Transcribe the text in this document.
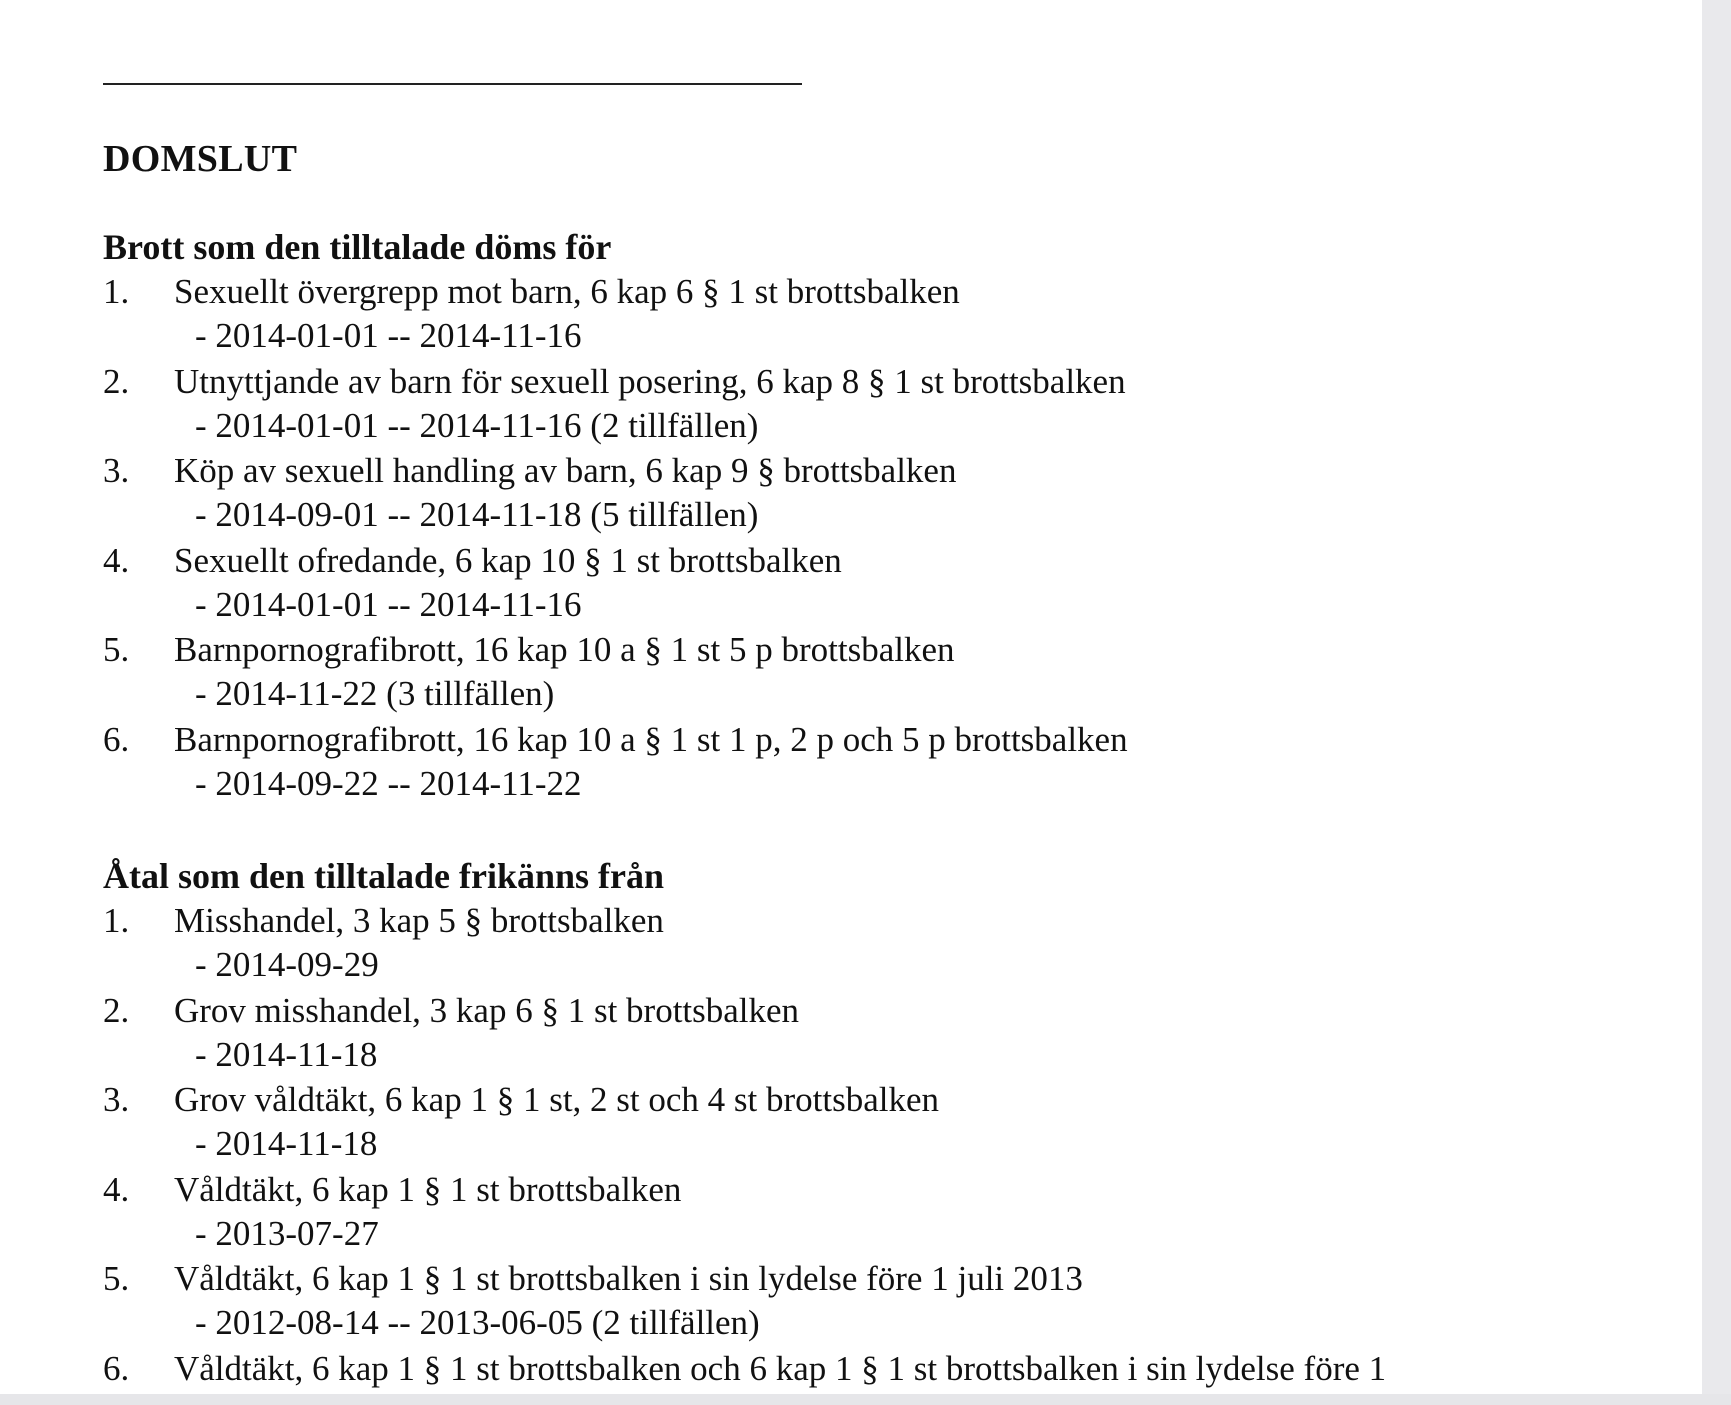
DOMSLUT
Brott som den tilltalade döms för
1. Sexuellt övergrepp mot barn, 6 kap 6 § 1 st brottsbalken
- 2014-01-01 -- 2014-11-16
2. Utnyttjande av barn för sexuell posering, 6 kap 8 § 1 st brottsbalken
- 2014-01-01 -- 2014-11-16 (2 tillfällen)
3. Köp av sexuell handling av barn, 6 kap 9 § brottsbalken
- 2014-09-01 -- 2014-11-18 (5 tillfällen)
4. Sexuellt ofredande, 6 kap 10 § 1 st brottsbalken
- 2014-01-01 -- 2014-11-16
5. Barnpornografibrott, 16 kap 10 a § 1 st 5 p brottsbalken
- 2014-11-22 (3 tillfällen)
6. Barnpornografibrott, 16 kap 10 a § 1 st 1 p, 2 p och 5 p brottsbalken
- 2014-09-22 -- 2014-11-22
Åtal som den tilltalade frikänns från
1. Misshandel, 3 kap 5 § brottsbalken
- 2014-09-29
2. Grov misshandel, 3 kap 6 § 1 st brottsbalken
- 2014-11-18
3. Grov våldtäkt, 6 kap 1 § 1 st, 2 st och 4 st brottsbalken
- 2014-11-18
4. Våldtäkt, 6 kap 1 § 1 st brottsbalken
- 2013-07-27
5. Våldtäkt, 6 kap 1 § 1 st brottsbalken i sin lydelse före 1 juli 2013
- 2012-08-14 -- 2013-06-05 (2 tillfällen)
6. Våldtäkt, 6 kap 1 § 1 st brottsbalken och 6 kap 1 § 1 st brottsbalken i sin lydelse före 1
